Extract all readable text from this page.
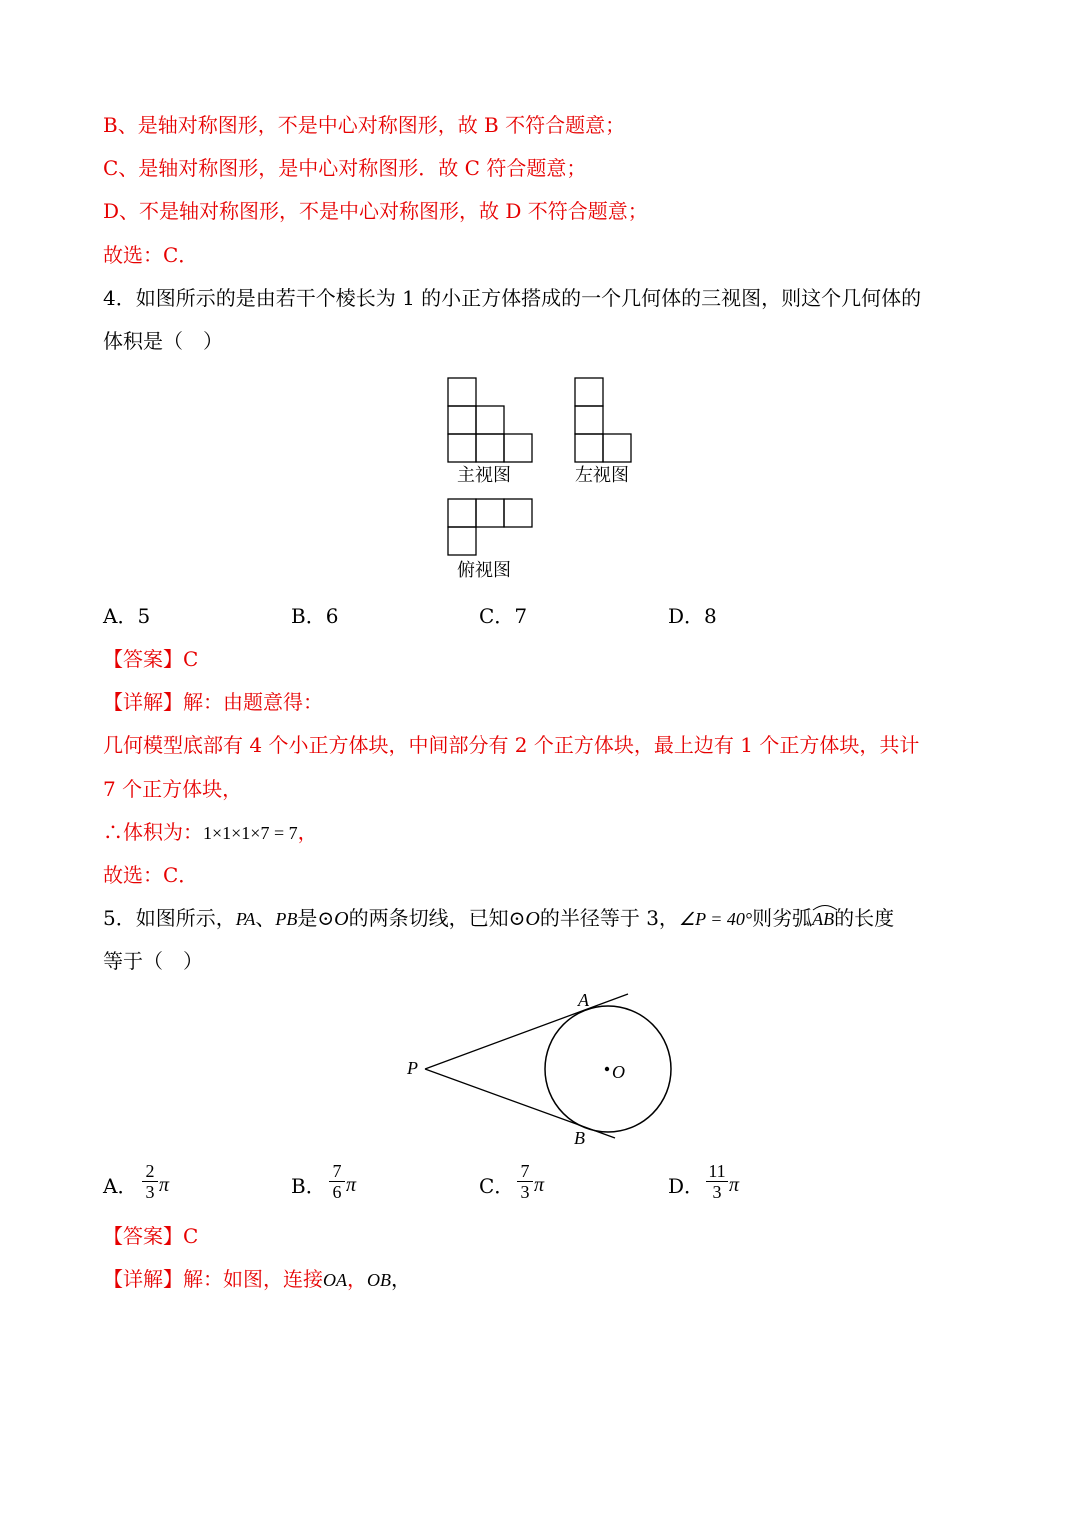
B、是轴对称图形，不是中心对称图形，故 B 不符合题意；
C、是轴对称图形，是中心对称图形．故 C 符合题意；
D、不是轴对称图形，不是中心对称图形，故 D 不符合题意；
故选：C．
4．如图所示的是由若干个棱长为 1 的小正方体搭成的一个几何体的三视图，则这个几何体的
体积是（　）
主视图	左视图
俯视图
A．5	B．6	C．7	D．8
【答案】C
【详解】解：由题意得：
几何模型底部有 4 个小正方体块，中间部分有 2 个正方体块，最上边有 1 个正方体块，共计
7 个正方体块，
∴体积为：1×1×1×7 = 7，
故选：C．
5．如图所示，PA、PB是⊙O的两条切线，已知⊙O的半径等于 3，∠P = 40°则劣弧
AB的长度
等于（　）
A
B
P	O
A．
2
3 π	B．
7
6 π	C．
7
3 π	D．
11
3 π
【答案】C
【详解】解：如图，连接OA，OB，
